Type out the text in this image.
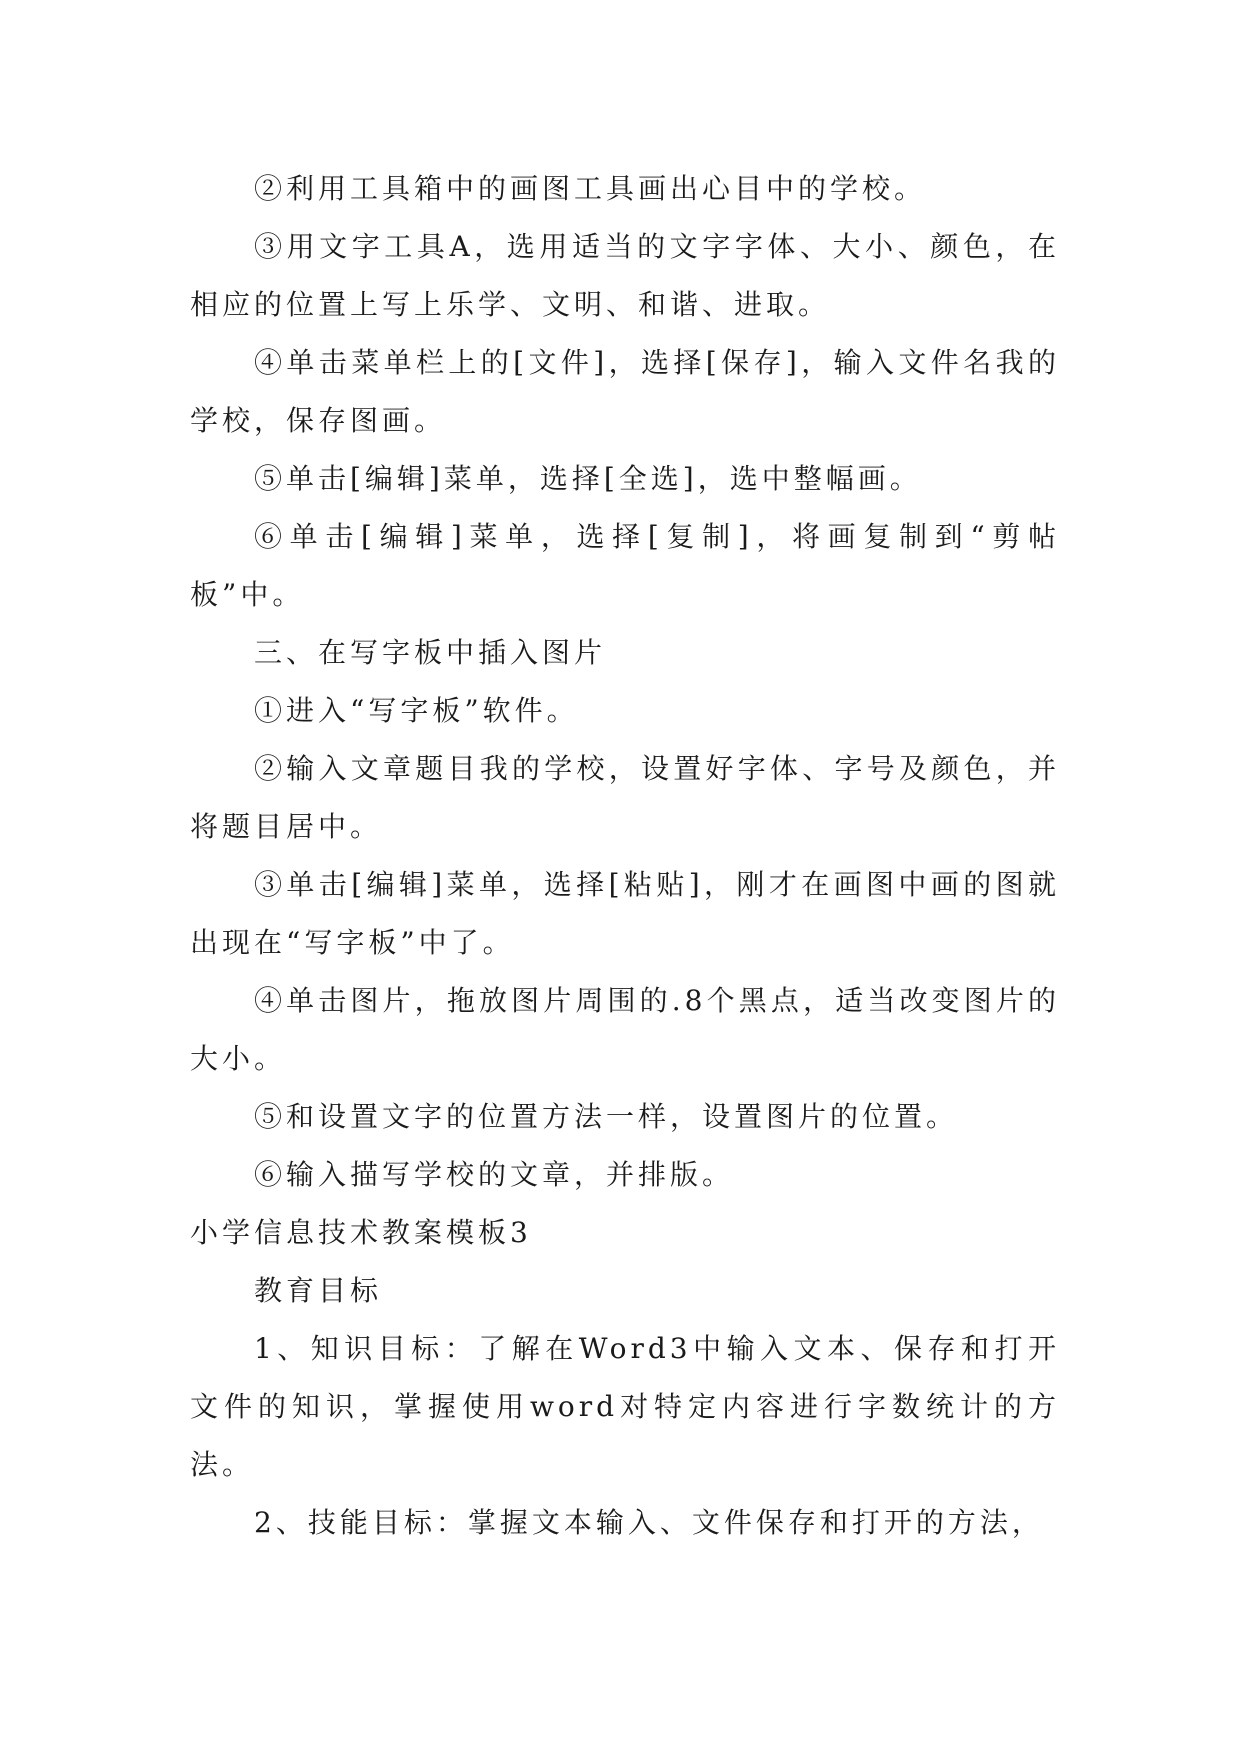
②利用工具箱中的画图工具画出心目中的学校。

③用文字工具A，选用适当的文字字体、大小、颜色，在相应的位置上写上乐学、文明、和谐、进取。

④单击菜单栏上的[文件]，选择[保存]，输入文件名我的学校，保存图画。

⑤单击[编辑]菜单，选择[全选]，选中整幅画。

⑥单击[编辑]菜单，选择[复制]，将画复制到“剪帖板”中。

三、在写字板中插入图片

①进入“写字板”软件。

②输入文章题目我的学校，设置好字体、字号及颜色，并将题目居中。

③单击[编辑]菜单，选择[粘贴]，刚才在画图中画的图就出现在“写字板”中了。

④单击图片，拖放图片周围的.8个黑点，适当改变图片的大小。

⑤和设置文字的位置方法一样，设置图片的位置。

⑥输入描写学校的文章，并排版。

小学信息技术教案模板3

教育目标

1、知识目标：了解在Word3中输入文本、保存和打开文件的知识，掌握使用word对特定内容进行字数统计的方法。

2、技能目标：掌握文本输入、文件保存和打开的方法，
